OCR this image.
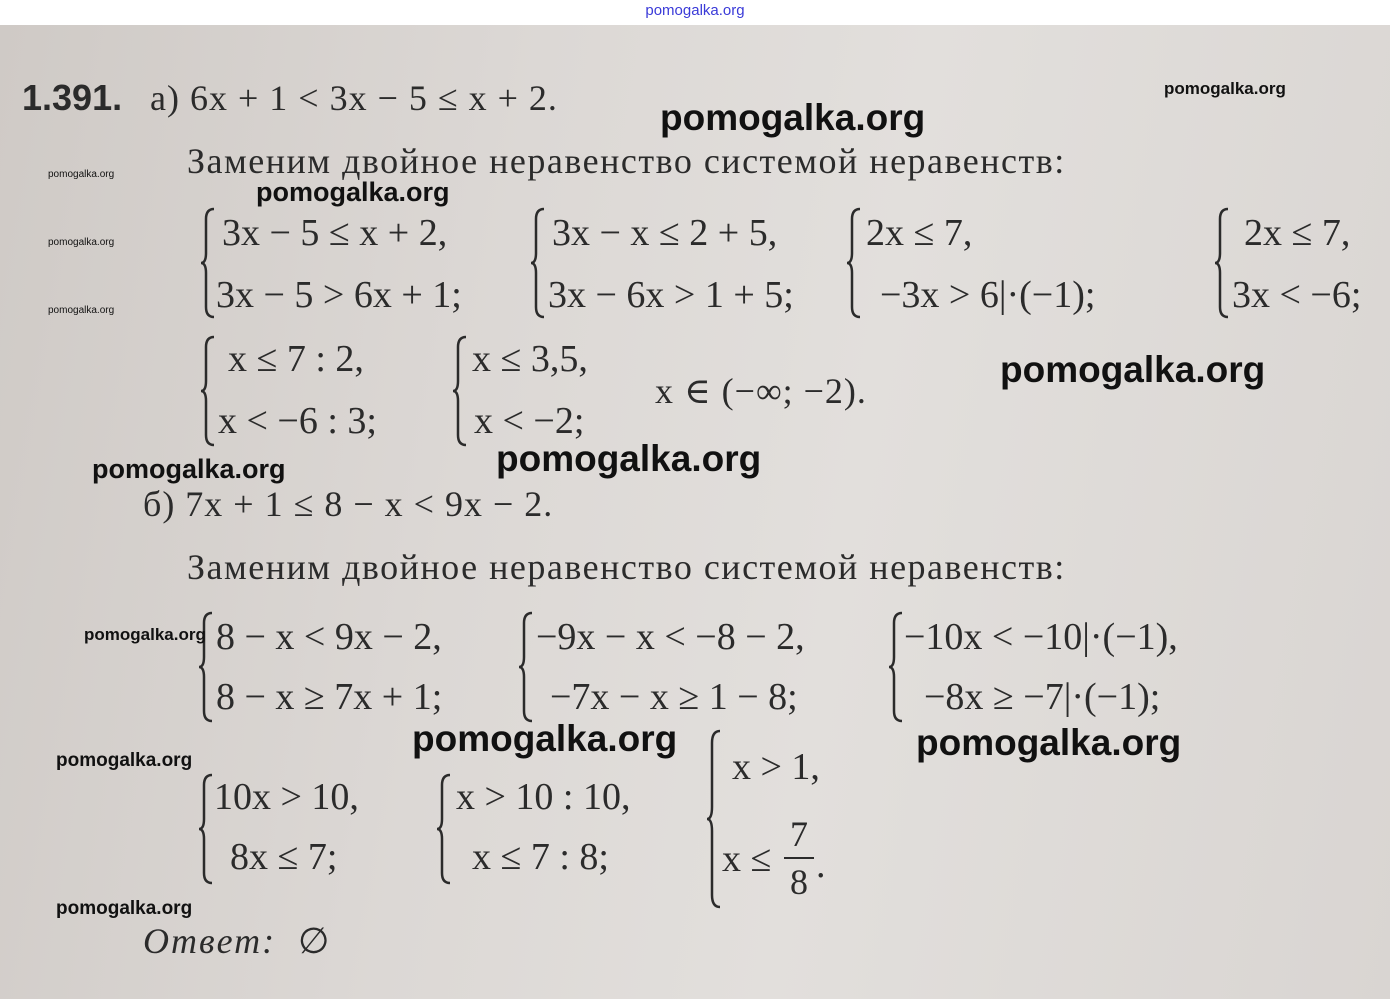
pomogalka.org
1.391. а) 6x + 1 < 3x − 5 ≤ x + 2.
Заменим двойное неравенство системой неравенств:
3x − 5 ≤ x + 2,
3x − 5 > 6x + 1;
3x − x ≤ 2 + 5,
3x − 6x > 1 + 5;
2x ≤ 7,
−3x > 6|·(−1);
2x ≤ 7,
3x < −6;
x ≤ 7 : 2,
x < −6 : 3;
x ≤ 3,5,
x < −2;
x ∈ (−∞; −2).
б) 7x + 1 ≤ 8 − x < 9x − 2.
Заменим двойное неравенство системой неравенств:
8 − x < 9x − 2,
8 − x ≥ 7x + 1;
−9x − x < −8 − 2,
−7x − x ≥ 1 − 8;
−10x < −10|·(−1),
−8x ≥ −7|·(−1);
10x > 10,
8x ≤ 7;
x > 10 : 10,
x ≤ 7 : 8;
x > 1,
x ≤
7
8 .
Ответ: ∅
pomogalka.org
pomogalka.org
pomogalka.org
pomogalka.org
pomogalka.org
pomogalka.org
pomogalka.org
pomogalka.org	pomogalka.org
pomogalka.org
pomogalka.org	pomogalka.org
pomogalka.org
pomogalka.org
